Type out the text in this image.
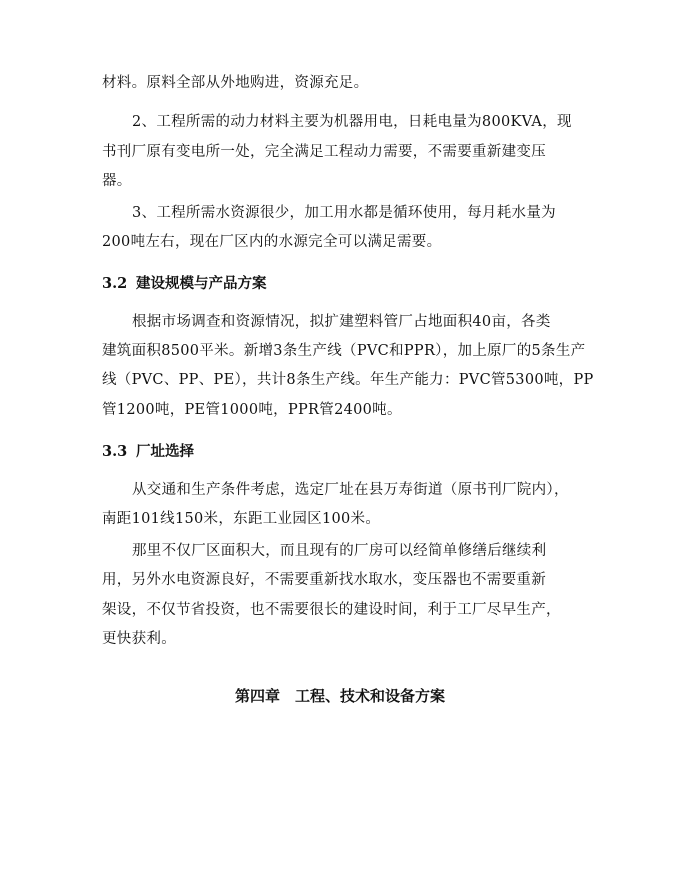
材料。原料全部从外地购进，资源充足。
2、工程所需的动力材料主要为机器用电，日耗电量为800KVA，现
书刊厂原有变电所一处，完全满足工程动力需要，不需要重新建变压
器。
3、工程所需水资源很少，加工用水都是循环使用，每月耗水量为
200吨左右，现在厂区内的水源完全可以满足需要。
3.2 建设规模与产品方案
根据市场调查和资源情况，拟扩建塑料管厂占地面积40亩，各类
建筑面积8500平米。新增3条生产线（PVC和PPR），加上原厂的5条生产
线（PVC、PP、PE），共计8条生产线。年生产能力：PVC管5300吨，PP
管1200吨，PE管1000吨，PPR管2400吨。
3.3 厂址选择
从交通和生产条件考虑，选定厂址在县万寿街道（原书刊厂院内），
南距101线150米，东距工业园区100米。
那里不仅厂区面积大，而且现有的厂房可以经简单修缮后继续利
用，另外水电资源良好，不需要重新找水取水，变压器也不需要重新
架设，不仅节省投资，也不需要很长的建设时间，利于工厂尽早生产，
更快获利。
第四章　工程、技术和设备方案
